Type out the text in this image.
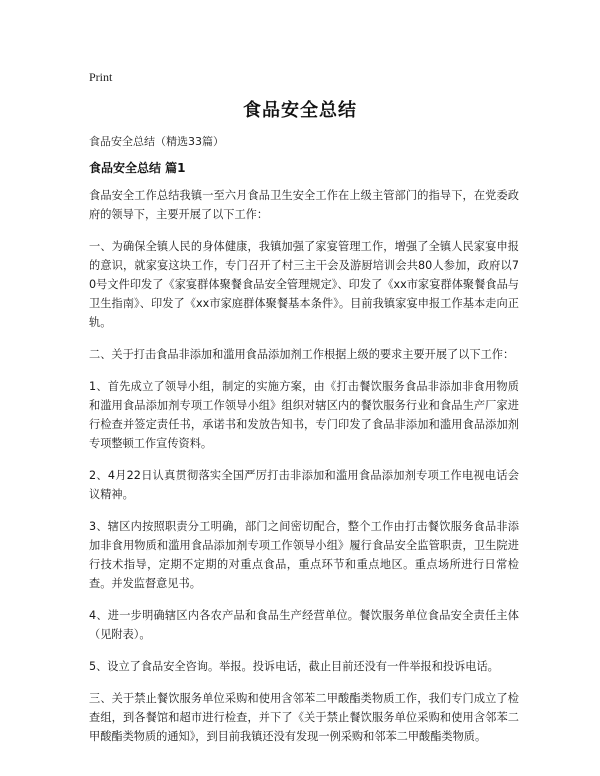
Print
食品安全总结
食品安全总结（精选33篇）
食品安全总结 篇1

食品安全工作总结我镇一至六月食品卫生安全工作在上级主管部门的指导下，在党委政府的领导下，主要开展了以下工作：

一、为确保全镇人民的身体健康，我镇加强了家宴管理工作，增强了全镇人民家宴申报的意识，就家宴这块工作，专门召开了村三主干会及游厨培训会共80人参加，政府以70号文件印发了《家宴群体聚餐食品安全管理规定》、印发了《xx市家宴群体聚餐食品与卫生指南》、印发了《xx市家庭群体聚餐基本条件》。目前我镇家宴申报工作基本走向正轨。

二、关于打击食品非添加和滥用食品添加剂工作根据上级的要求主要开展了以下工作：

1、首先成立了领导小组，制定的实施方案，由《打击餐饮服务食品非添加非食用物质和滥用食品添加剂专项工作领导小组》组织对辖区内的餐饮服务行业和食品生产厂家进行检查并签定责任书，承诺书和发放告知书，专门印发了食品非添加和滥用食品添加剂专项整顿工作宣传资料。

2、4月22日认真贯彻落实全国严厉打击非添加和滥用食品添加剂专项工作电视电话会议精神。

3、辖区内按照职责分工明确，部门之间密切配合，整个工作由打击餐饮服务食品非添加非食用物质和滥用食品添加剂专项工作领导小组》履行食品安全监管职责，卫生院进行技术指导，定期不定期的对重点食品，重点环节和重点地区。重点场所进行日常检查。并发监督意见书。

4、进一步明确辖区内各农产品和食品生产经营单位。餐饮服务单位食品安全责任主体（见附表）。

5、设立了食品安全咨询。举报。投诉电话，截止目前还没有一件举报和投诉电话。

三、关于禁止餐饮服务单位采购和使用含邻苯二甲酸酯类物质工作，我们专门成立了检查组，到各餐馆和超市进行检查，并下了《关于禁止餐饮服务单位采购和使用含邻苯二甲酸酯类物质的通知》，到目前我镇还没有发现一例采购和邻苯二甲酸酯类物质。
